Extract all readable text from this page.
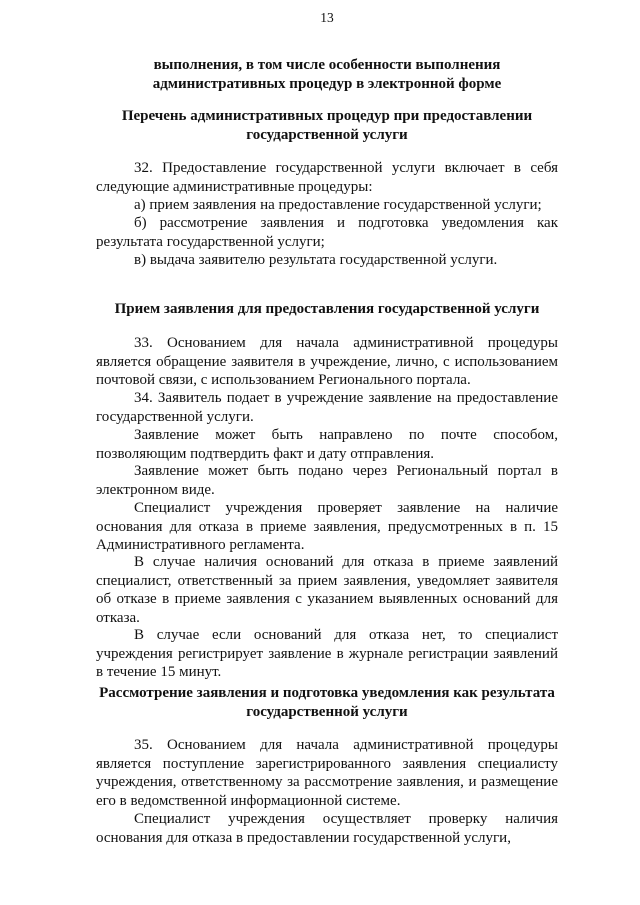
13
выполнения, в том числе особенности выполнения административных процедур в электронной форме
Перечень административных процедур при предоставлении государственной услуги
32. Предоставление государственной услуги включает в себя следующие административные процедуры:
а) прием заявления на предоставление государственной услуги;
б) рассмотрение заявления и подготовка уведомления как результата государственной услуги;
в) выдача заявителю результата государственной услуги.
Прием заявления для предоставления государственной услуги
33. Основанием для начала административной процедуры является обращение заявителя в учреждение, лично, с использованием почтовой связи, с использованием Регионального портала.
34. Заявитель подает в учреждение заявление на предоставление государственной услуги.
Заявление может быть направлено по почте способом, позволяющим подтвердить факт и дату отправления.
Заявление может быть подано через Региональный портал в электронном виде.
Специалист учреждения проверяет заявление на наличие основания для отказа в приеме заявления, предусмотренных в п. 15 Административного регламента.
В случае наличия оснований для отказа в приеме заявлений специалист, ответственный за прием заявления, уведомляет заявителя об отказе в приеме заявления с указанием выявленных оснований для отказа.
В случае если оснований для отказа нет, то специалист учреждения регистрирует заявление в журнале регистрации заявлений в течение 15 минут.
Рассмотрение заявления и подготовка уведомления как результата государственной услуги
35. Основанием для начала административной процедуры является поступление зарегистрированного заявления специалисту учреждения, ответственному за рассмотрение заявления, и размещение его в ведомственной информационной системе.
Специалист учреждения осуществляет проверку наличия основания для отказа в предоставлении государственной услуги,
